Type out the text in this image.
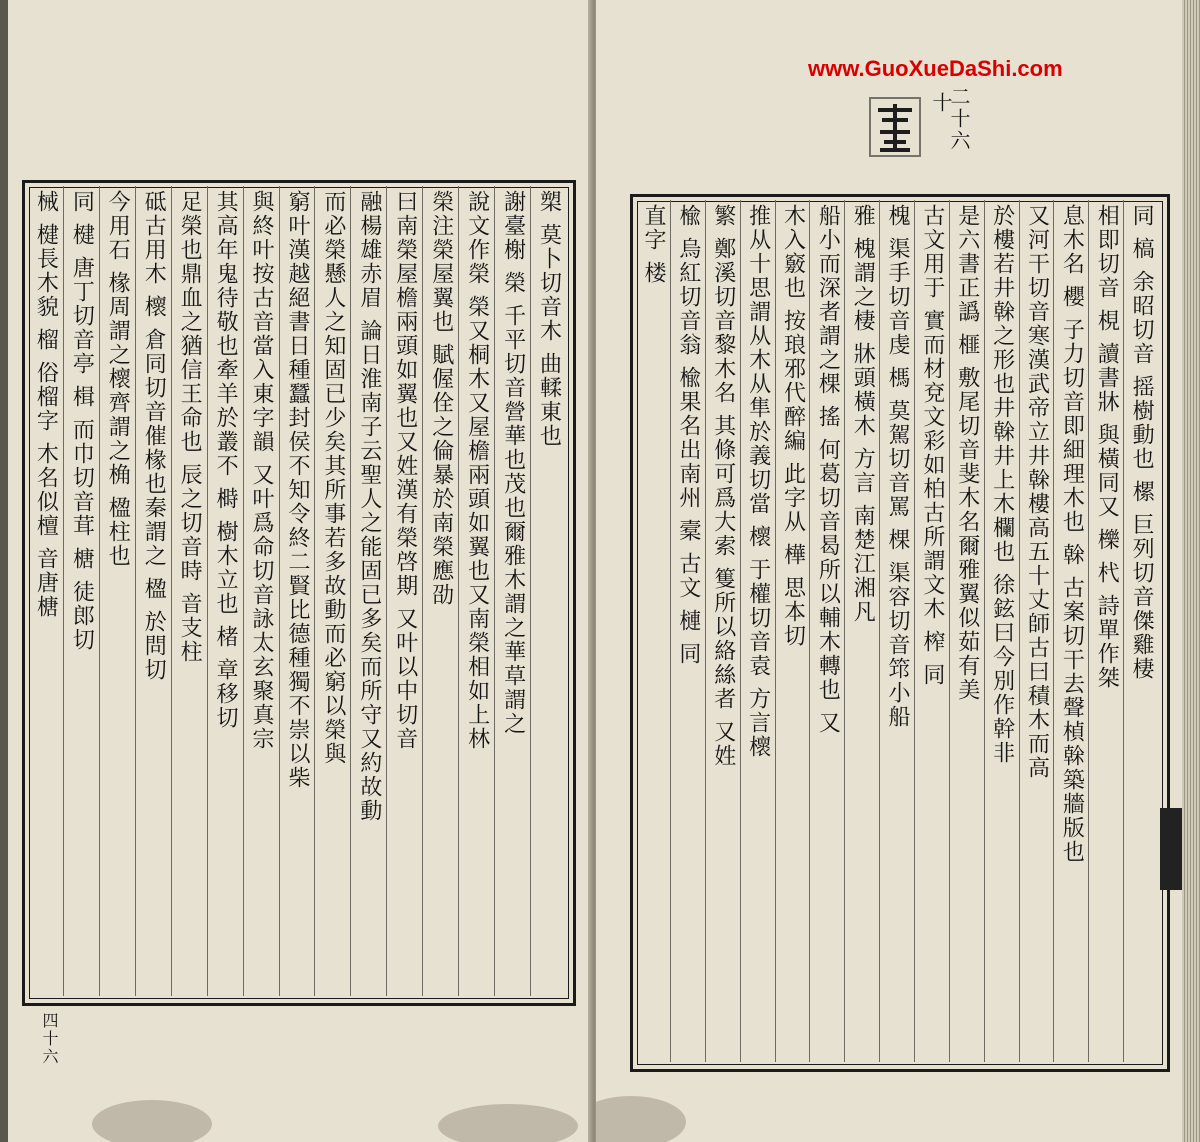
槊 莫卜切音木 曲輮東也
謝臺榭 榮 千平切音營華也茂也爾雅木謂之華草謂之
說文作榮 榮又桐木又屋檐兩頭如翼也又南榮相如上林
榮注榮屋翼也 賦偓佺之倫暴於南榮應劭
曰南榮屋檐兩頭如翼也又姓漢有榮啓期 又叶以中切音
融楊雄赤眉 論日淮南子云聖人之能固已多矣而所守又約故動
而必榮懸人之知固已少矣其所事若多故動而必窮以榮與
窮叶漢越絕書日種蠶封侯不知令終二賢比德種獨不崇以柴
與終叶按古音當入東字韻 又叶爲命切音詠太玄聚真宗
其高年鬼待敬也牽羊於叢不 榯 樹木立也 楮 章移切
足榮也鼎血之猶信王命也 辰之切音時 音支柱
砥古用木 櫰 倉同切音催椽也秦謂之 楹 於問切
今用石 椽周謂之櫰齊謂之桷 楹柱也
同 楗 唐丁切音亭 楫 而巾切音茸 榶 徒郎切
械 楗長木貌 榴 俗榴字 木名似檀 音唐榶
四十六
二十六
十
同 槁 余昭切音 摇樹動也 樏 巨列切音傑雞棲
相即切音 梘 讀書牀 與橫同又 櫟 杙 詩單作桀
息木名 櫻 子力切音即細理木也 榦 古案切干去聲楨榦築牆版也
又河干切音寒漢武帝立井榦樓高五十丈師古曰積木而高
於樓若井榦之形也井榦井上木欄也 徐鉉曰今別作幹非
是六書正譌 榧 敷尾切音斐木名爾雅翼似茹有美
古文用于 實而材兗文彩如柏古所謂文木 榨 同
槐 渠手切音虔 榪 莫駕切音罵 棵 渠容切音筇小船
雅 槐謂之棲 牀頭橫木 方言 南楚江湘凡
船小而深者謂之棵 搖 何葛切音曷所以輔木轉也 又
木入竅也 按琅邪代醉編 此字从 樺 思本切
推从十思謂从木从隼於義切當 櫰 于權切音袁 方言櫰
繁 鄭溪切音黎木名 其條可爲大索 篗所以絡絲者 又姓
楡 烏紅切音翁 楡果名出南州 槖 古文 槤 同
直字 楼
www.GuoXueDaShi.com
